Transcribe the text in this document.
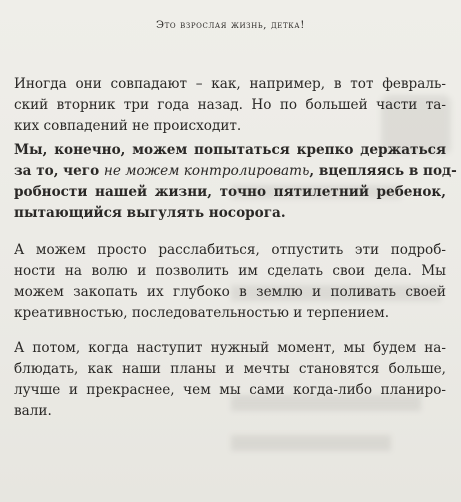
Это взрослая жизнь, детка!

Иногда они совпадают – как, например, в тот февраль-
ский вторник три года назад. Но по большей части та-
ких совпадений не происходит.

Мы, конечно, можем попытаться крепко держаться
за то, чего не можем контролировать, вцепляясь в под-
робности нашей жизни, точно пятилетний ребенок,
пытающийся выгулять носорога.

А можем просто расслабиться, отпустить эти подроб-
ности на волю и позволить им сделать свои дела. Мы
можем закопать их глубоко в землю и поливать своей
креативностью, последовательностью и терпением.

А потом, когда наступит нужный момент, мы будем на-
блюдать, как наши планы и мечты становятся больше,
лучше и прекраснее, чем мы сами когда-либо планиро-
вали.
